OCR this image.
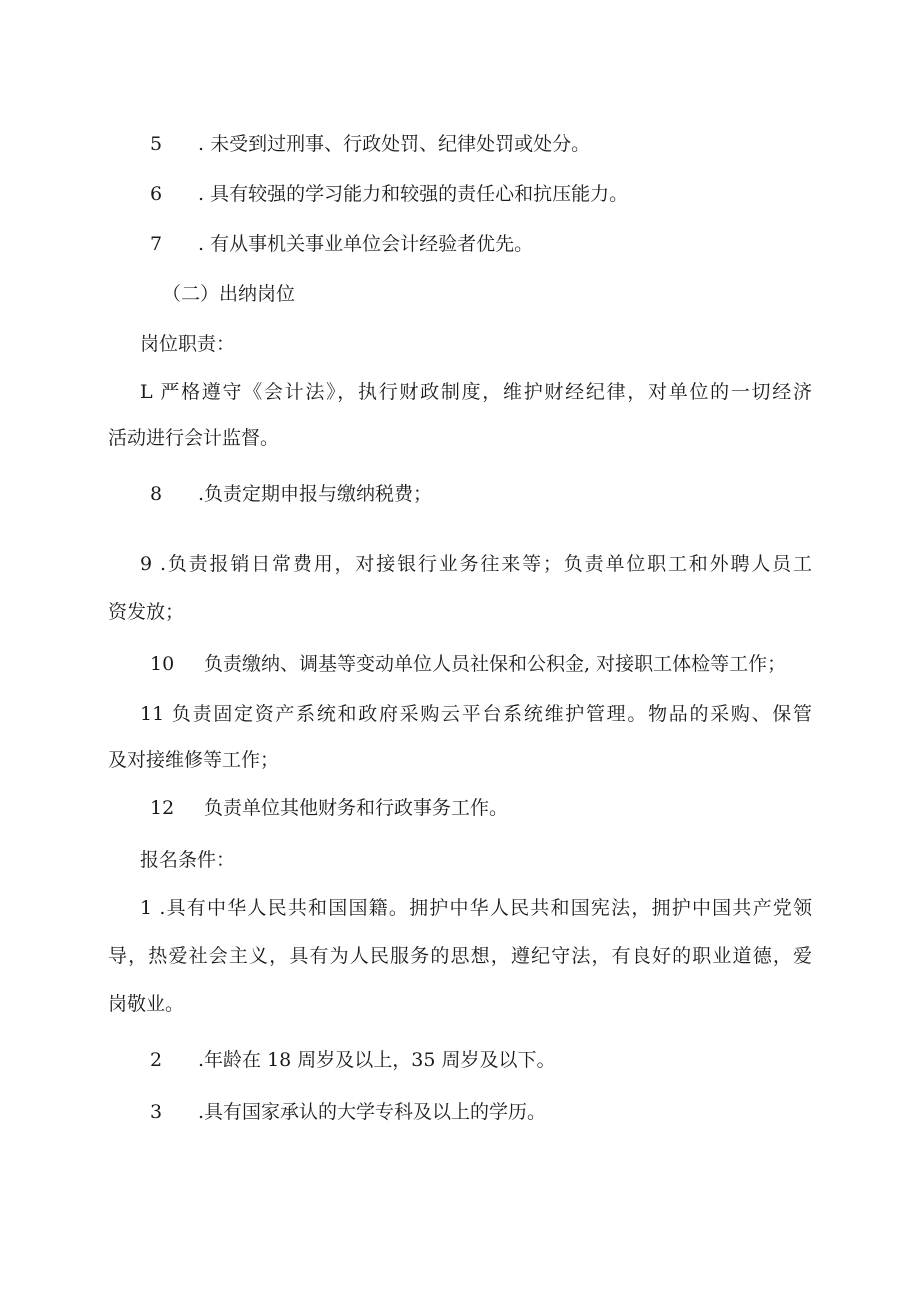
5 . 未受到过刑事、行政处罚、纪律处罚或处分。
6 . 具有较强的学习能力和较强的责任心和抗压能力。
7 . 有从事机关事业单位会计经验者优先。
（二）出纳岗位
岗位职责：
L 严格遵守《会计法》，执行财政制度，维护财经纪律，对单位的一切经济
活动进行会计监督。
8 .负责定期申报与缴纳税费；
9 .负责报销日常费用，对接银行业务往来等；负责单位职工和外聘人员工
资发放；
10 负责缴纳、调基等变动单位人员社保和公积金, 对接职工体检等工作；
11 负责固定资产系统和政府采购云平台系统维护管理。物品的采购、保管
及对接维修等工作；
12 负责单位其他财务和行政事务工作。
报名条件：
1 .具有中华人民共和国国籍。拥护中华人民共和国宪法，拥护中国共产党领
导，热爱社会主义，具有为人民服务的思想，遵纪守法，有良好的职业道德，爱
岗敬业。
2 .年龄在 18 周岁及以上，35 周岁及以下。
3 .具有国家承认的大学专科及以上的学历。
